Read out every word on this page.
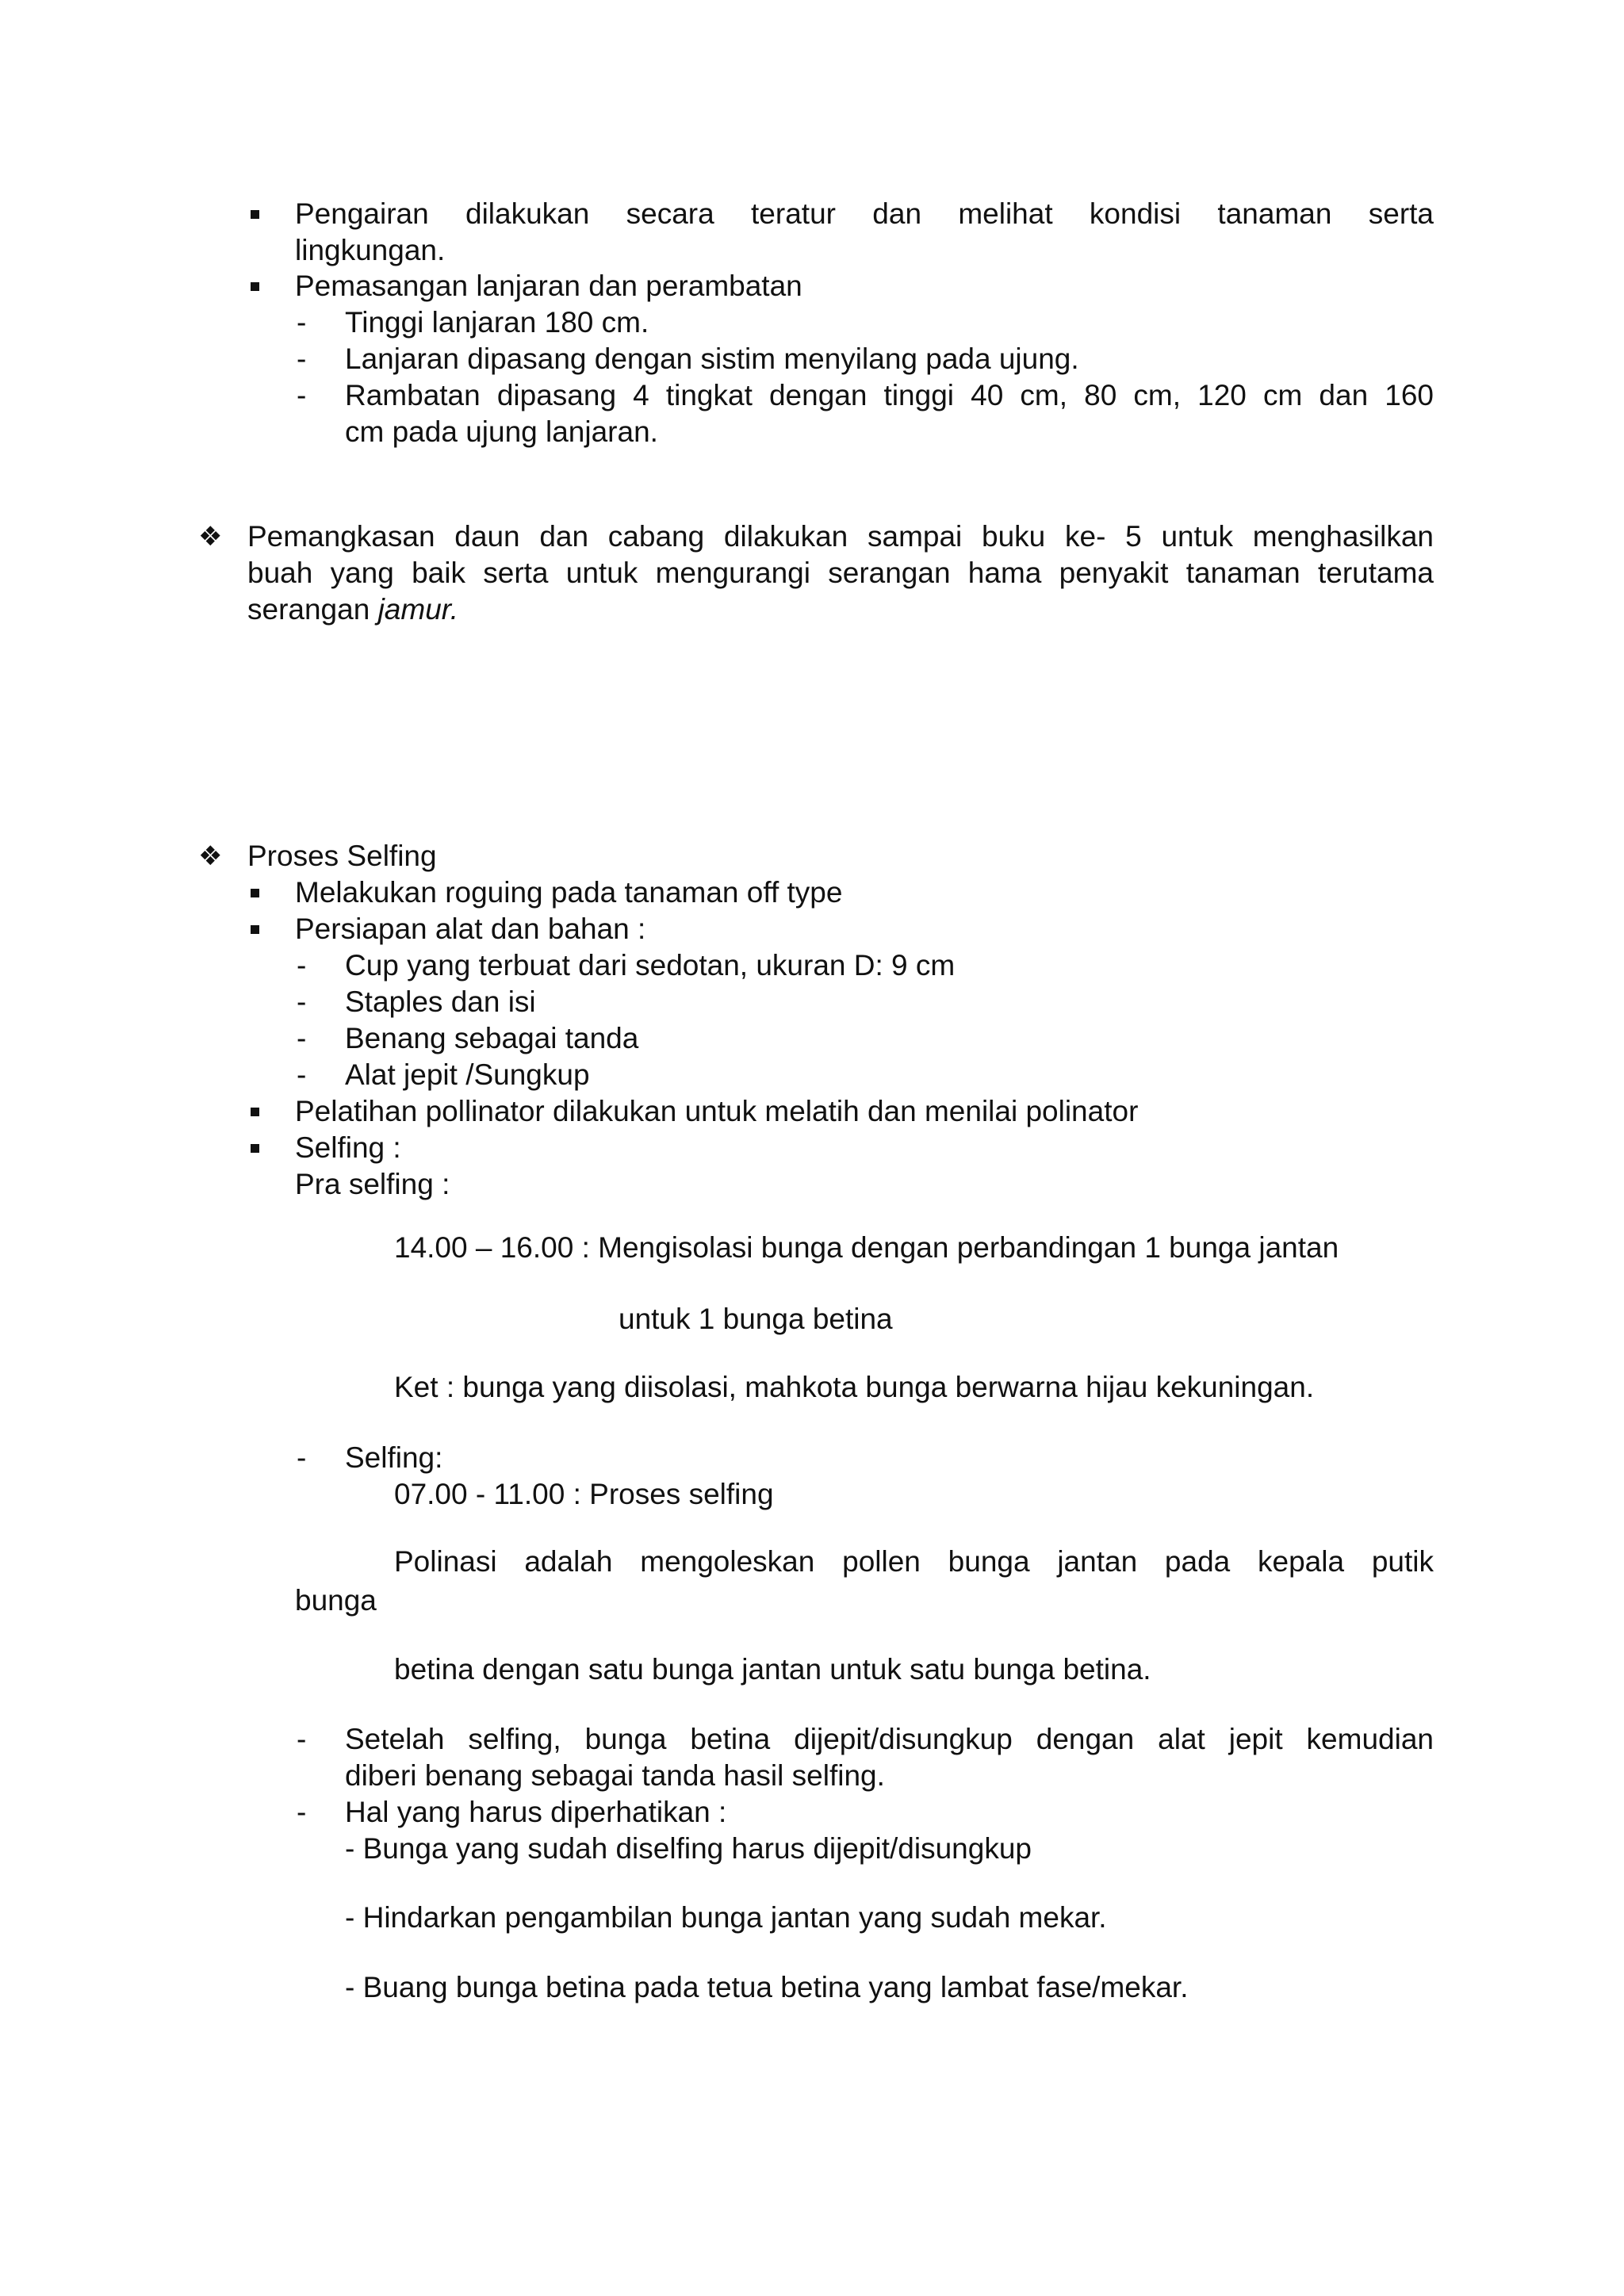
Pengairan dilakukan secara teratur dan melihat kondisi tanaman serta
lingkungan.
Pemasangan lanjaran dan perambatan
- Tinggi lanjaran 180 cm.
- Lanjaran dipasang dengan sistim menyilang pada ujung.
- Rambatan dipasang 4 tingkat dengan tinggi 40 cm, 80 cm, 120 cm dan 160
cm pada ujung lanjaran.
❖ Pemangkasan daun dan cabang dilakukan sampai buku ke- 5 untuk menghasilkan
buah yang baik serta untuk mengurangi serangan hama penyakit tanaman terutama
serangan jamur.
❖ Proses Selfing
Melakukan roguing pada tanaman off type
Persiapan alat dan bahan :
- Cup yang terbuat dari sedotan, ukuran D: 9 cm
- Staples dan isi
- Benang sebagai tanda
- Alat jepit /Sungkup
Pelatihan pollinator dilakukan untuk melatih dan menilai polinator
Selfing :
Pra selfing :
14.00 – 16.00 : Mengisolasi bunga dengan perbandingan 1 bunga jantan
untuk 1 bunga betina
Ket : bunga yang diisolasi, mahkota bunga berwarna hijau kekuningan.
- Selfing:
07.00 - 11.00 : Proses selfing
Polinasi adalah mengoleskan pollen bunga jantan pada kepala putik
bunga
betina dengan satu bunga jantan untuk satu bunga betina.
- Setelah selfing, bunga betina dijepit/disungkup dengan alat jepit kemudian
diberi benang sebagai tanda hasil selfing.
- Hal yang harus diperhatikan :
- Bunga yang sudah diselfing harus dijepit/disungkup
- Hindarkan pengambilan bunga jantan yang sudah mekar.
- Buang bunga betina pada tetua betina yang lambat fase/mekar.
